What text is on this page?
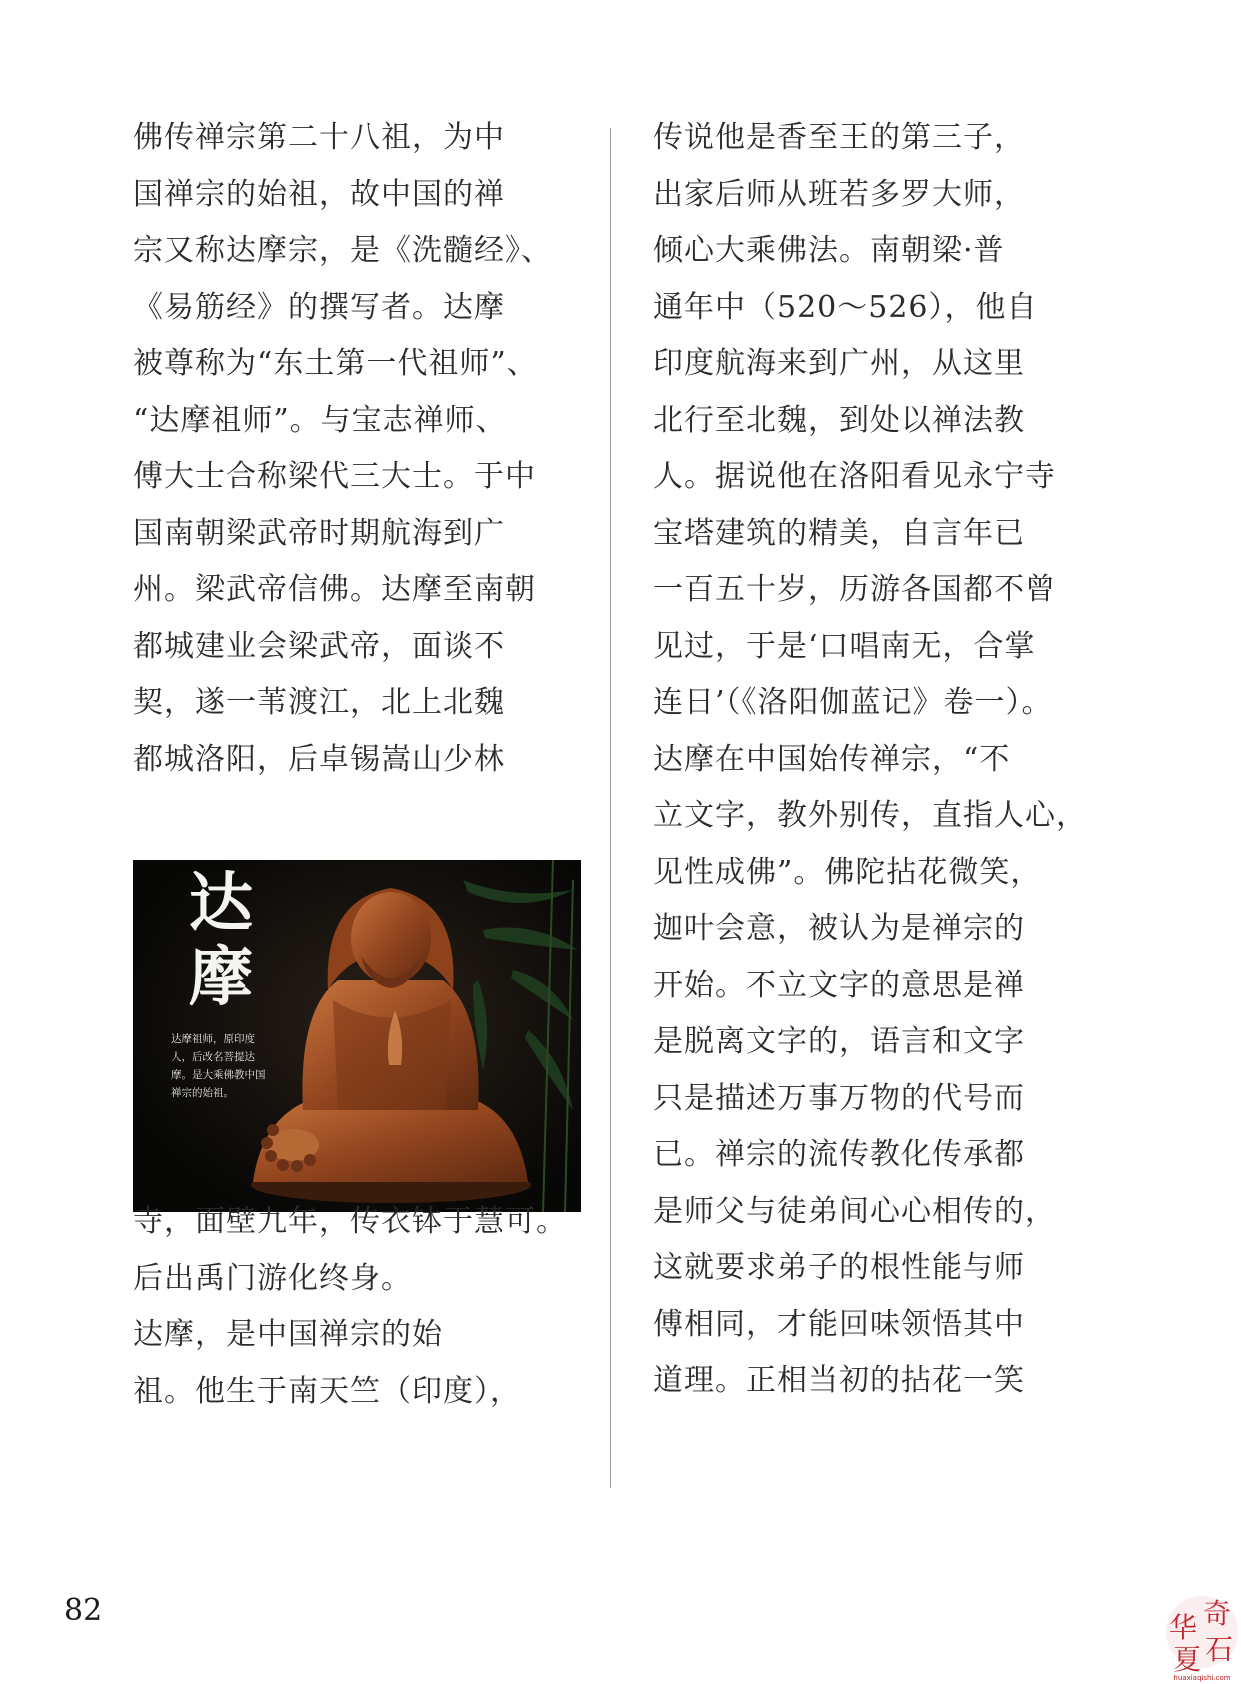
佛传禅宗第二十八祖，为中
国禅宗的始祖，故中国的禅
宗又称达摩宗，是《洗髓经》、
《易筋经》的撰写者。达摩
被尊称为“东土第一代祖师”、
“达摩祖师”。与宝志禅师、
傅大士合称梁代三大士。于中
国南朝梁武帝时期航海到广
州。梁武帝信佛。达摩至南朝
都城建业会梁武帝，面谈不
契，遂一苇渡江，北上北魏
都城洛阳，后卓锡嵩山少林
达
摩
达摩祖师，原印度人，后改名菩提达摩。是大乘佛教中国禅宗的始祖。
寺，面壁九年，传衣钵于慧可。
后出禹门游化终身。
达摩，是中国禅宗的始
祖。他生于南天竺（印度），
传说他是香至王的第三子，
出家后师从班若多罗大师，
倾心大乘佛法。南朝梁·普
通年中（520～526），他自
印度航海来到广州，从这里
北行至北魏，到处以禅法教
人。据说他在洛阳看见永宁寺
宝塔建筑的精美，自言年已
一百五十岁，历游各国都不曾
见过，于是‘口唱南无，合掌
连日’（《洛阳伽蓝记》卷一）。
达摩在中国始传禅宗，“不
立文字，教外别传，直指人心，
见性成佛”。佛陀拈花微笑，
迦叶会意，被认为是禅宗的
开始。不立文字的意思是禅
是脱离文字的，语言和文字
只是描述万事万物的代号而
已。禅宗的流传教化传承都
是师父与徒弟间心心相传的，
这就要求弟子的根性能与师
傅相同，才能回味领悟其中
道理。正相当初的拈花一笑
82	华 奇
夏 石
huaxiaqishi.com
